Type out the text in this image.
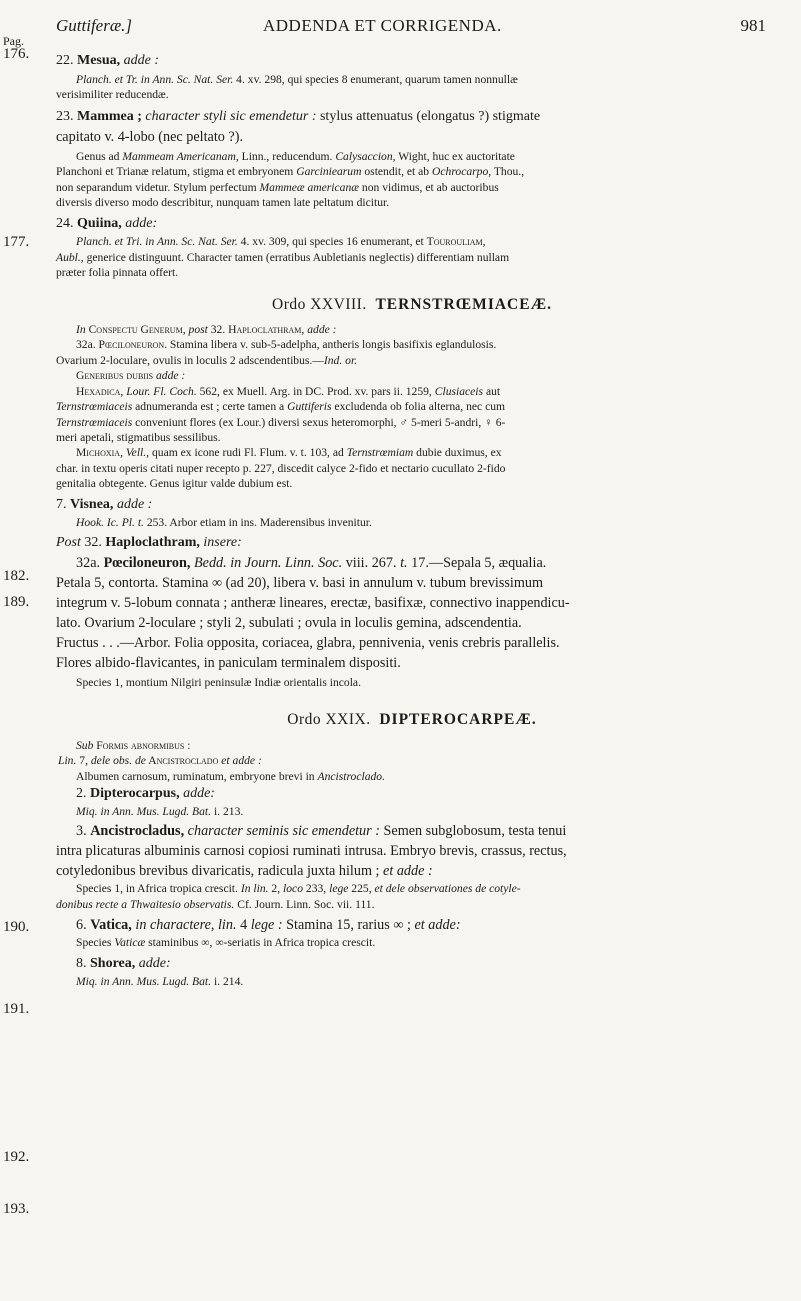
Guttiferæ.]	ADDENDA ET CORRIGENDA.	981
Pag.
176.
177.
182.
189.
190.
191.
192.
193.

22. Mesua, adde :

Planch. et Tr. in Ann. Sc. Nat. Ser. 4. xv. 298, qui species 8 enumerant, quarum tamen nonnullæ

verisimiliter reducendæ.

23. Mammea ; character styli sic emendetur : stylus attenuatus (elongatus ?) stigmate

capitato v. 4-lobo (nec peltato ?).

Genus ad Mammeam Americanam, Linn., reducendum. Calysaccion, Wight, huc ex auctoritate

Planchoni et Trianæ relatum, stigma et embryonem Garciniearum ostendit, et ab Ochrocarpo, Thou.,

non separandum videtur. Stylum perfectum Mammeæ americanæ non vidimus, et ab auctoribus

diversis diverso modo describitur, nunquam tamen late peltatum dicitur.

24. Quiina, adde:

Planch. et Tri. in Ann. Sc. Nat. Ser. 4. xv. 309, qui species 16 enumerant, et Touroulıam,

Aubl., generice distinguunt. Character tamen (erratibus Aubletianis neglectis) differentiam nullam

præter folia pinnata offert.

Ordo XXVIII. TERNSTRŒMIACEÆ.

In Conspectu Generum, post 32. Haploclathram, adde :

32a. Pœciloneuron. Stamina libera v. sub-5-adelpha, antheris longis basifixis eglandulosis.

Ovarium 2-loculare, ovulis in loculis 2 adscendentibus.—Ind. or.

Generibus dubiis adde :

Hexadica, Lour. Fl. Coch. 562, ex Muell. Arg. in DC. Prod. xv. pars ii. 1259, Clusiaceis aut

Ternstrœmiaceis adnumeranda est ; certe tamen a Guttiferis excludenda ob folia alterna, nec cum

Ternstrœmiaceis conveniunt flores (ex Lour.) diversi sexus heteromorphi, ♂ 5-meri 5-andri, ♀ 6-

meri apetali, stigmatibus sessilibus.

Michoxia, Vell., quam ex icone rudi Fl. Flum. v. t. 103, ad Ternstrœmiam dubie duximus, ex

char. in textu operis citati nuper recepto p. 227, discedit calyce 2-fido et nectario cucullato 2-fido

genitalia obtegente. Genus igitur valde dubium est.

7. Visnea, adde :

Hook. Ic. Pl. t. 253. Arbor etiam in ins. Maderensibus invenitur.

Post 32. Haploclathram, insere:

32a. Pœciloneuron, Bedd. in Journ. Linn. Soc. viii. 267. t. 17.—Sepala 5, æqualia.

Petala 5, contorta. Stamina ∞ (ad 20), libera v. basi in annulum v. tubum brevissimum

integrum v. 5-lobum connata ; antheræ lineares, erectæ, basifixæ, connectivo inappendicu-

lato. Ovarium 2-loculare ; styli 2, subulati ; ovula in loculis gemina, adscendentia.

Fructus . . .—Arbor. Folia opposita, coriacea, glabra, pennivenia, venis crebris parallelis.

Flores albido-flavicantes, in paniculam terminalem dispositi.

Species 1, montium Nilgiri peninsulæ Indiæ orientalis incola.

Ordo XXIX. DIPTEROCARPEÆ.

Sub Formis abnormibus :

Lin. 7, dele obs. de Ancistroclado et adde :

Albumen carnosum, ruminatum, embryone brevi in Ancistroclado.

2. Dipterocarpus, adde:

Miq. in Ann. Mus. Lugd. Bat. i. 213.

3. Ancistrocladus, character seminis sic emendetur : Semen subglobosum, testa tenui

intra plicaturas albuminis carnosi copiosi ruminati intrusa. Embryo brevis, crassus, rectus,

cotyledonibus brevibus divaricatis, radicula juxta hilum ; et adde :

Species 1, in Africa tropica crescit. In lin. 2, loco 233, lege 225, et dele observationes de cotyle-

donibus recte a Thwaitesio observatis. Cf. Journ. Linn. Soc. vii. 111.

6. Vatica, in charactere, lin. 4 lege : Stamina 15, rarius ∞ ; et adde:

Species Vaticæ staminibus ∞, ∞-seriatis in Africa tropica crescit.

8. Shorea, adde:

Miq. in Ann. Mus. Lugd. Bat. i. 214.
